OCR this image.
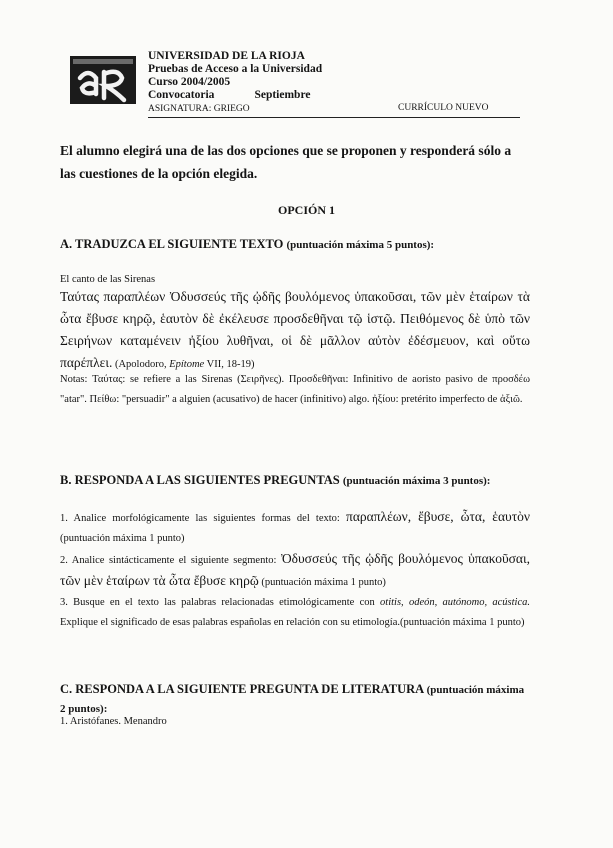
UNIVERSIDAD DE LA RIOJA
Pruebas de Acceso a la Universidad
Curso 2004/2005
Convocatoria	Septiembre
ASIGNATURA: GRIEGO	CURRÍCULO NUEVO
El alumno elegirá una de las dos opciones que se proponen y responderá sólo a las cuestiones de la opción elegida.
OPCIÓN 1
A. TRADUZCA EL SIGUIENTE TEXTO (puntuación máxima 5 puntos):
El canto de las Sirenas
Ταύτας παραπλέων Ὀδυσσεύς τῆς ᾠδῆς βουλόμενος ὑπακοῦσαι, τῶν μὲν ἑταίρων τὰ ὦτα ἔβυσε κηρῷ, ἑαυτὸν δὲ ἐκέλευσε προσδεθῆναι τῷ ἱστῷ. Πειθόμενος δὲ ὑπὸ τῶν Σειρήνων καταμένειν ἠξίου λυθῆναι, οἱ δὲ μᾶλλον αὐτὸν ἐδέσμευον, καὶ οὕτω παρέπλει. (Apolodoro, Epítome VII, 18-19)
Notas: Ταύτας: se refiere a las Sirenas (Σειρῆνες). Προσδεθῆναι: Infinitivo de aoristo pasivo de προσδέω "atar". Πείθω: "persuadir" a alguien (acusativo) de hacer (infinitivo) algo. ἠξίου: pretérito imperfecto de ἀξιῶ.
B. RESPONDA A LAS SIGUIENTES PREGUNTAS (puntuación máxima 3 puntos):

1. Analice morfológicamente las siguientes formas del texto: παραπλέων, ἔβυσε, ὦτα, ἑαυτὸν (puntuación máxima 1 punto)

2. Analice sintácticamente el siguiente segmento: Ὀδυσσεύς τῆς ᾠδῆς βουλόμενος ὑπακοῦσαι, τῶν μὲν ἑταίρων τὰ ὦτα ἔβυσε κηρῷ (puntuación máxima 1 punto)

3. Busque en el texto las palabras relacionadas etimológicamente con otitis, odeón, autónomo, acústica. Explique el significado de esas palabras españolas en relación con su etimología.(puntuación máxima 1 punto)

C. RESPONDA A LA SIGUIENTE PREGUNTA DE LITERATURA (puntuación máxima 2 puntos):
1. Aristófanes. Menandro
